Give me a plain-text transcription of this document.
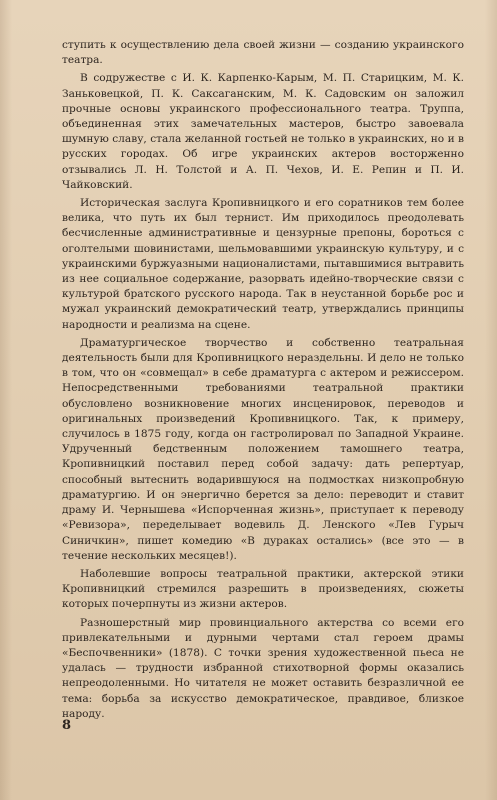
ступить к осуществлению дела своей жизни — созданию украинского театра.

В содружестве с И. К. Карпенко-Карым, М. П. Старицким, М. К. Заньковецкой, П. К. Саксаганским, М. К. Садовским он заложил прочные основы украинского профессионального театра. Труппа, объединенная этих замечательных мастеров, быстро завоевала шумную славу, стала желанной гостьей не только в украинских, но и в русских городах. Об игре украинских актеров восторженно отзывались Л. Н. Толстой и А. П. Чехов, И. Е. Репин и П. И. Чайковский.

Историческая заслуга Кропивницкого и его соратников тем более велика, что путь их был тернист. Им приходилось преодолевать бесчисленные административные и цензурные препоны, бороться с оголтелыми шовинистами, шельмовавшими украинскую культуру, и с украинскими буржуазными националистами, пытавшимися вытравить из нее социальное содержание, разорвать идейно-творческие связи с культурой братского русского народа. Так в неустанной борьбе рос и мужал украинский демократический театр, утверждались принципы народности и реализма на сцене.

Драматургическое творчество и собственно театральная деятельность были для Кропивницкого нераздельны. И дело не только в том, что он «совмещал» в себе драматурга с актером и режиссером. Непосредственными требованиями театральной практики обусловлено возникновение многих инсценировок, переводов и оригинальных произведений Кропивницкого. Так, к примеру, случилось в 1875 году, когда он гастролировал по Западной Украине. Удрученный бедственным положением тамошнего театра, Кропивницкий поставил перед собой задачу: дать репертуар, способный вытеснить водарившуюся на подмостках низкопробную драматургию. И он энергично берется за дело: переводит и ставит драму И. Чернышева «Испорченная жизнь», приступает к переводу «Ревизора», переделывает водевиль Д. Ленского «Лев Гурыч Синичкин», пишет комедию «В дураках остались» (все это — в течение нескольких месяцев!).

Наболевшие вопросы театральной практики, актерской этики Кропивницкий стремился разрешить в произведениях, сюжеты которых почерпнуты из жизни актеров.

Разношерстный мир провинциального актерства со всеми его привлекательными и дурными чертами стал героем драмы «Беспочвенники» (1878). С точки зрения художественной пьеса не удалась — трудности избранной стихотворной формы оказались непреодоленными. Но читателя не может оставить безразличной ее тема: борьба за искусство демократическое, правдивое, близкое народу.

8
